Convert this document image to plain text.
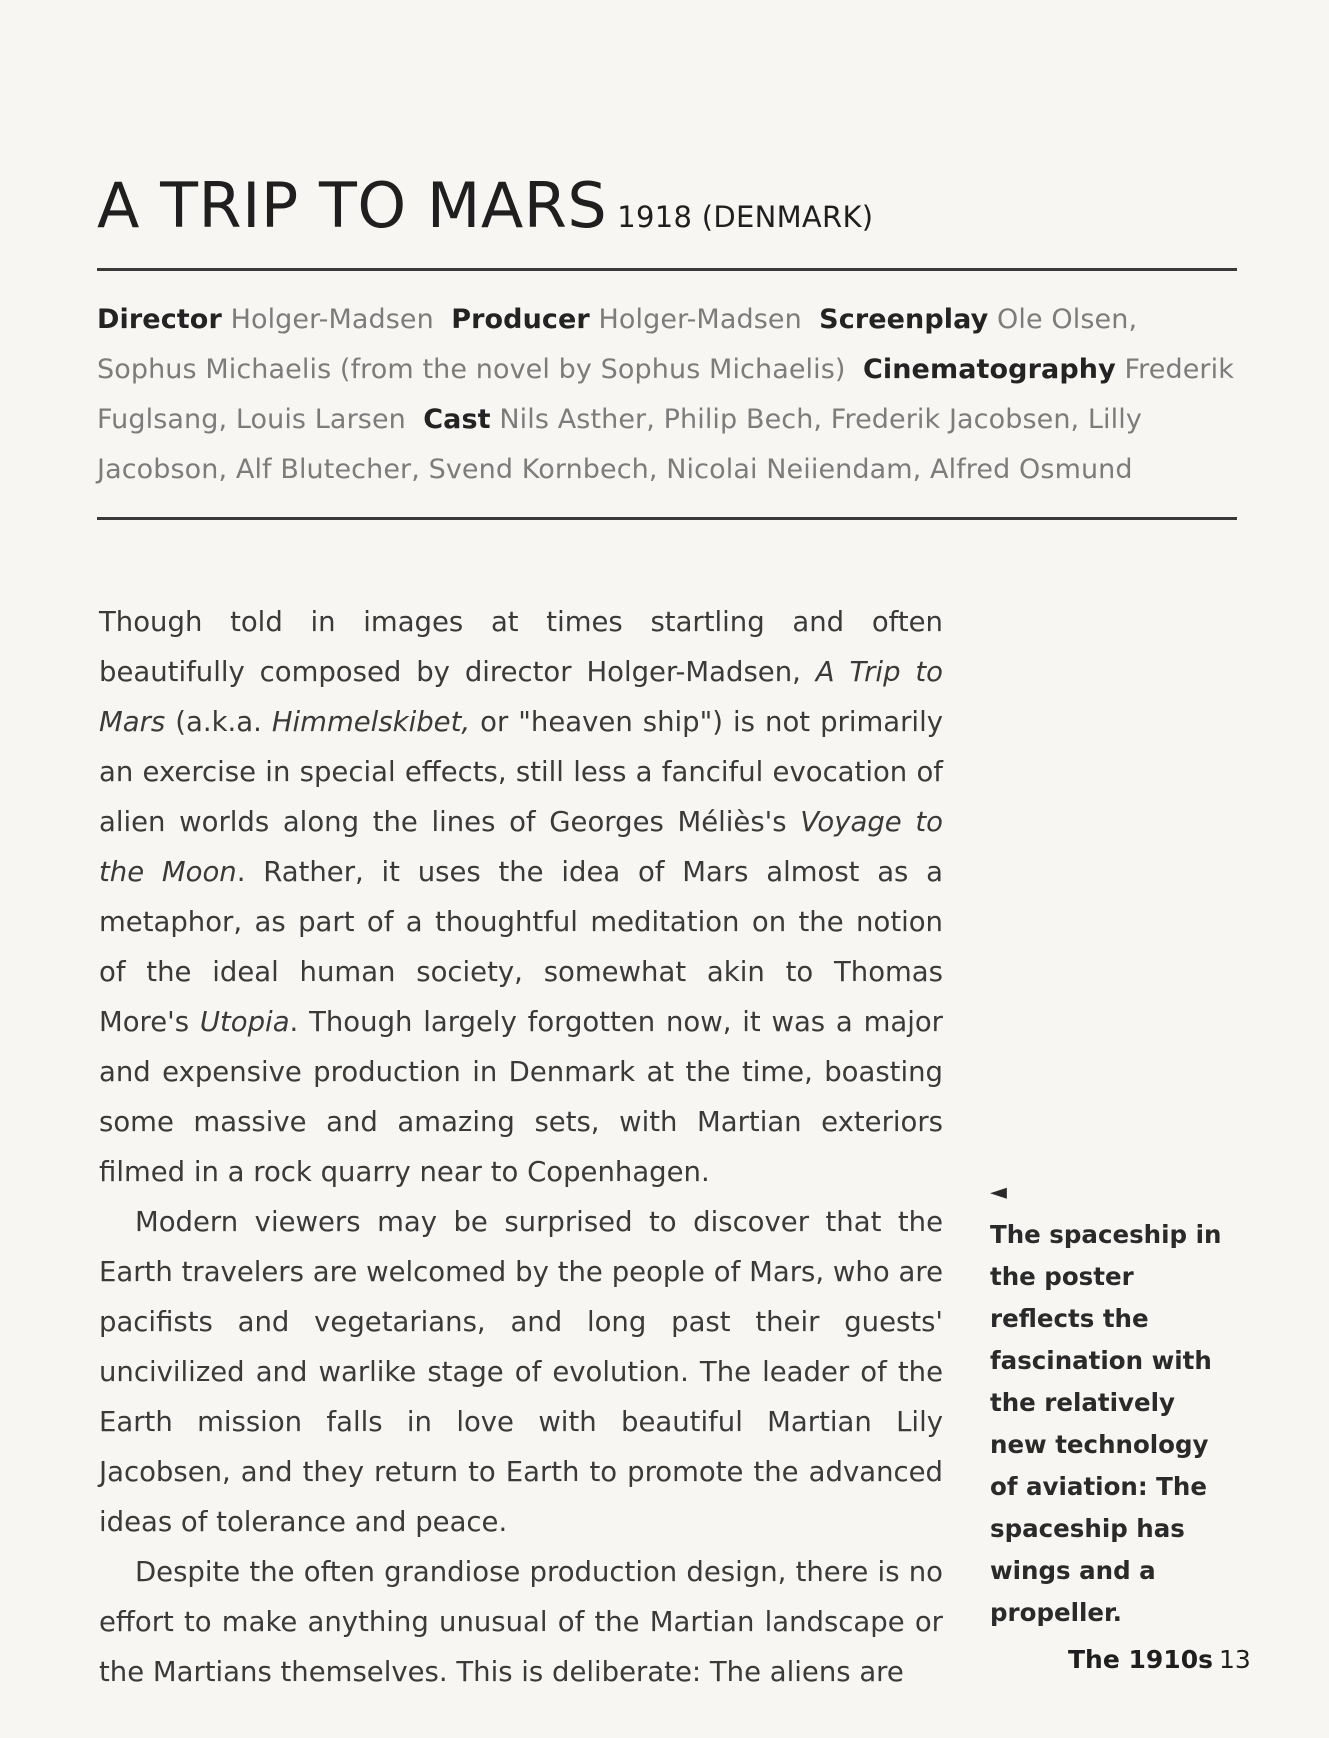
A TRIP TO MARS 1918 (DENMARK)
Director Holger-Madsen Producer Holger-Madsen Screenplay Ole Olsen, Sophus Michaelis (from the novel by Sophus Michaelis) Cinematography Frederik Fuglsang, Louis Larsen Cast Nils Asther, Philip Bech, Frederik Jacobsen, Lilly Jacobson, Alf Blutecher, Svend Kornbech, Nicolai Neiiendam, Alfred Osmund

Though told in images at times startling and often beautifully composed by director Holger-Madsen, A Trip to Mars (a.k.a. Himmelskibet, or "heaven ship") is not primarily an exercise in special effects, still less a fanciful evocation of alien worlds along the lines of Georges Méliès's Voyage to the Moon. Rather, it uses the idea of Mars almost as a metaphor, as part of a thoughtful meditation on the notion of the ideal human society, somewhat akin to Thomas More's Utopia. Though largely forgotten now, it was a major and expensive production in Denmark at the time, boasting some massive and amazing sets, with Martian exteriors filmed in a rock quarry near to Copenhagen.

Modern viewers may be surprised to discover that the Earth travelers are welcomed by the people of Mars, who are pacifists and vegetarians, and long past their guests' uncivilized and warlike stage of evolution. The leader of the Earth mission falls in love with beautiful Martian Lily Jacobsen, and they return to Earth to promote the advanced ideas of tolerance and peace.

Despite the often grandiose production design, there is no effort to make anything unusual of the Martian landscape or the Martians themselves. This is deliberate: The aliens are

◄
The spaceship in the poster reflects the fascination with the relatively new technology of aviation: The spaceship has wings and a propeller.
The 1910s 13
